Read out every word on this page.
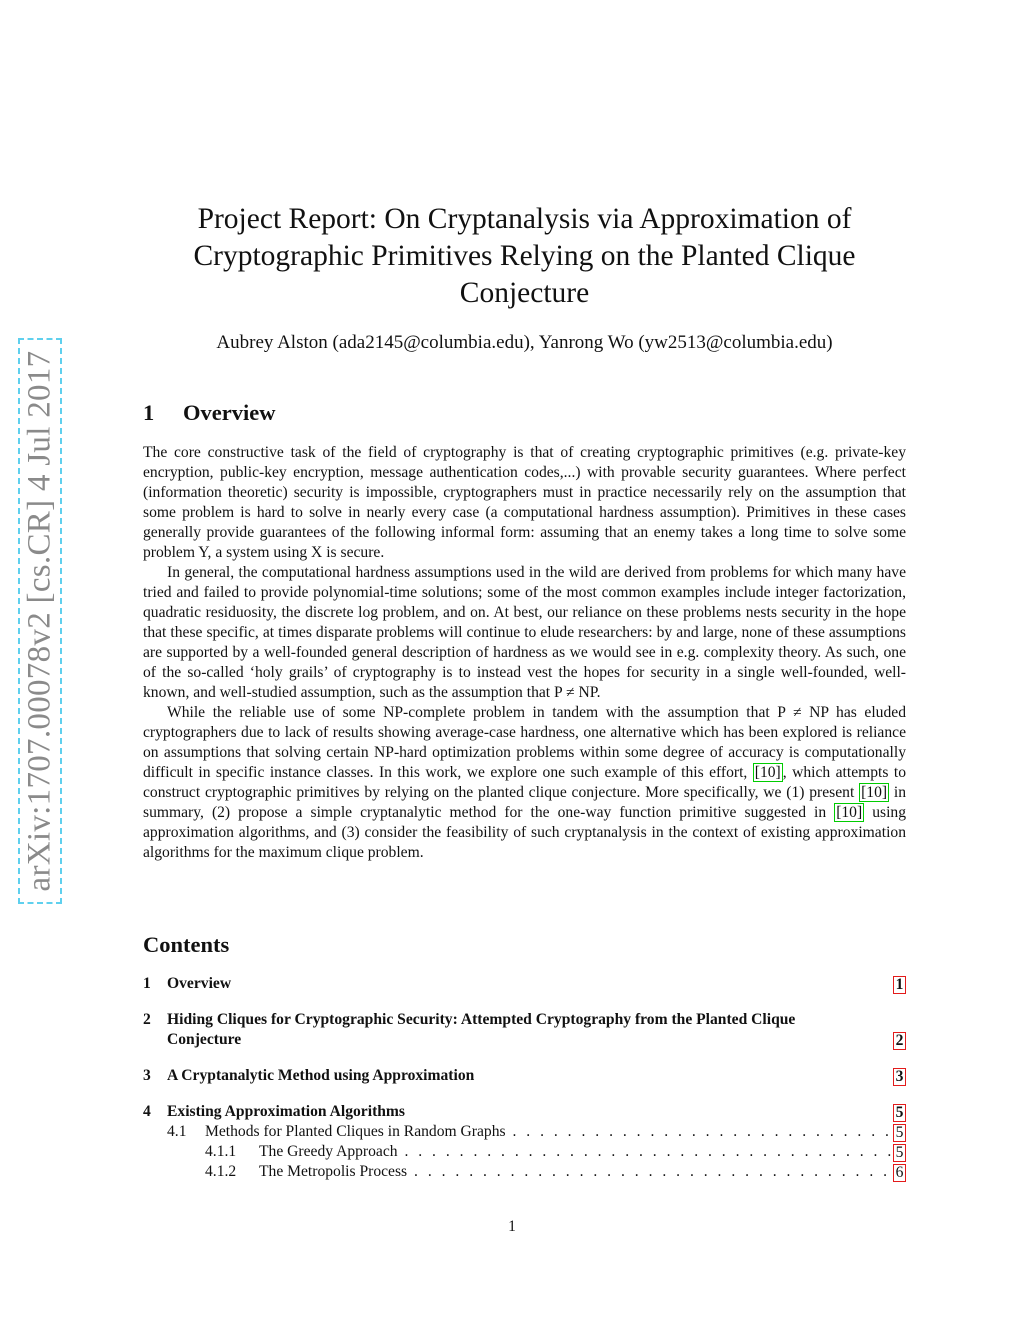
arXiv:1707.00078v2 [cs.CR] 4 Jul 2017
Project Report: On Cryptanalysis via Approximation of Cryptographic Primitives Relying on the Planted Clique Conjecture
Aubrey Alston (ada2145@columbia.edu), Yanrong Wo (yw2513@columbia.edu)
1 Overview

The core constructive task of the field of cryptography is that of creating cryptographic primitives (e.g. private-key encryption, public-key encryption, message authentication codes,...) with provable security guarantees. Where perfect (information theoretic) security is impossible, cryptographers must in practice necessarily rely on the assumption that some problem is hard to solve in nearly every case (a computational hardness assumption). Primitives in these cases generally provide guarantees of the following informal form: assuming that an enemy takes a long time to solve some problem Y, a system using X is secure.

In general, the computational hardness assumptions used in the wild are derived from problems for which many have tried and failed to provide polynomial-time solutions; some of the most common examples include integer factorization, quadratic residuosity, the discrete log problem, and on. At best, our reliance on these problems nests security in the hope that these specific, at times disparate problems will continue to elude researchers: by and large, none of these assumptions are supported by a well-founded general description of hardness as we would see in e.g. complexity theory. As such, one of the so-called ‘holy grails’ of cryptography is to instead vest the hopes for security in a single well-founded, well-known, and well-studied assumption, such as the assumption that P ≠ NP.

While the reliable use of some NP-complete problem in tandem with the assumption that P ≠ NP has eluded cryptographers due to lack of results showing average-case hardness, one alternative which has been explored is reliance on assumptions that solving certain NP-hard optimization problems within some degree of accuracy is computationally difficult in specific instance classes. In this work, we explore one such example of this effort, [10] , which attempts to construct cryptographic primitives by relying on the planted clique conjecture. More specifically, we (1) present [10] in summary, (2) propose a simple cryptanalytic method for the one-way function primitive suggested in [10] using approximation algorithms, and (3) consider the feasibility of such cryptanalysis in the context of existing approximation algorithms for the maximum clique problem.

Contents
1	Overview	1
2	Hiding Cliques for Cryptographic Security: Attempted Cryptography from the Planted Clique Conjecture	2
3	A Cryptanalytic Method using Approximation	3
4	Existing Approximation Algorithms	5
4.1	Methods for Planted Cliques in Random Graphs . . .	5
4.1.1	The Greedy Approach . . .	5
4.1.2	The Metropolis Process . . .	6
1
